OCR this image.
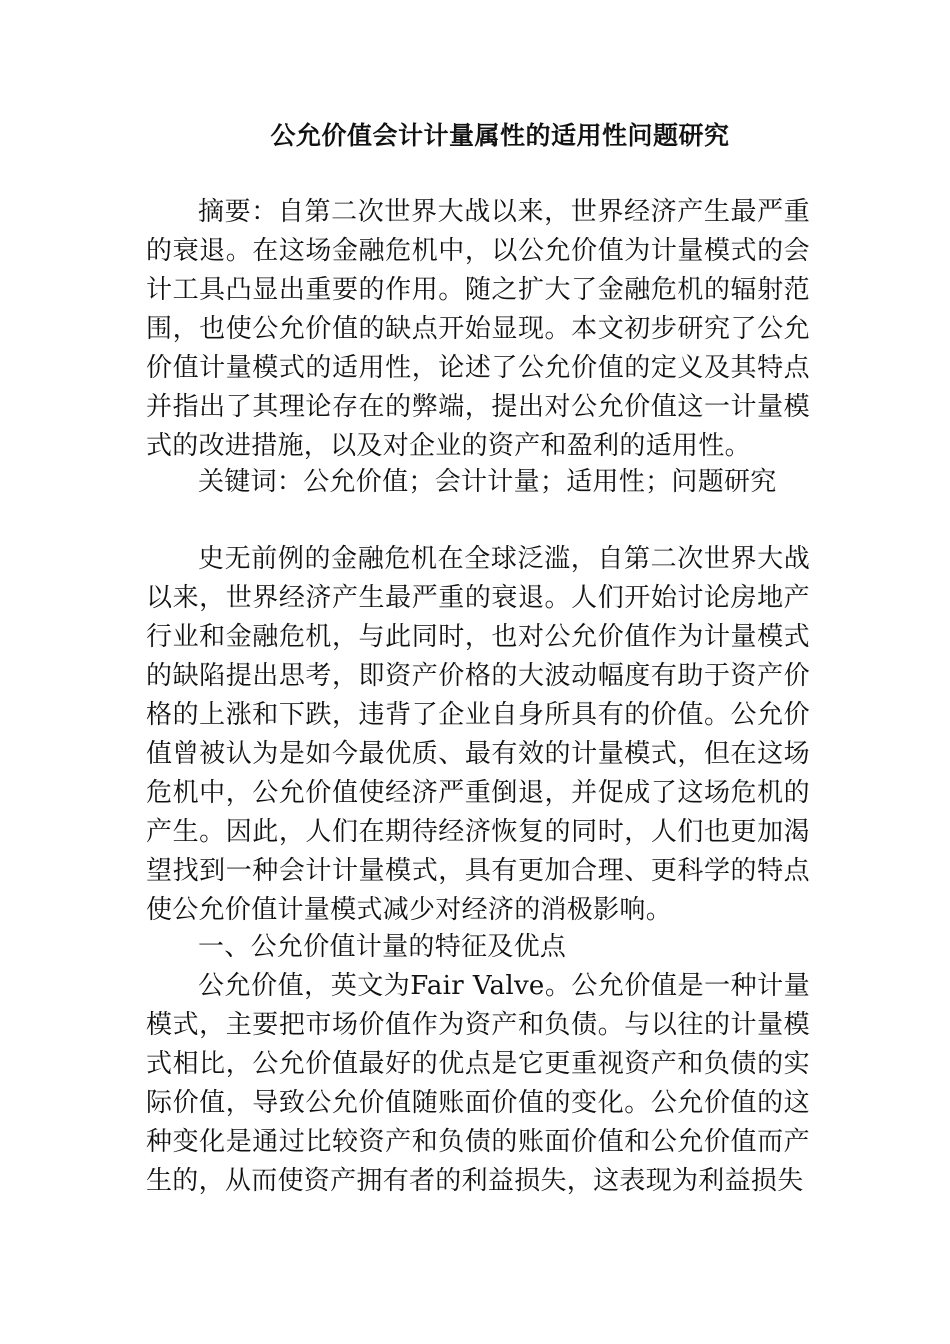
公允价值会计计量属性的适用性问题研究

摘要：自第二次世界大战以来，世界经济产生最严重的衰退。在这场金融危机中，以公允价值为计量模式的会计工具凸显出重要的作用。随之扩大了金融危机的辐射范围，也使公允价值的缺点开始显现。本文初步研究了公允价值计量模式的适用性，论述了公允价值的定义及其特点并指出了其理论存在的弊端，提出对公允价值这一计量模式的改进措施，以及对企业的资产和盈利的适用性。

关键词：公允价值；会计计量；适用性；问题研究

史无前例的金融危机在全球泛滥，自第二次世界大战以来，世界经济产生最严重的衰退。人们开始讨论房地产行业和金融危机，与此同时，也对公允价值作为计量模式的缺陷提出思考，即资产价格的大波动幅度有助于资产价格的上涨和下跌，违背了企业自身所具有的价值。公允价值曾被认为是如今最优质、最有效的计量模式，但在这场危机中，公允价值使经济严重倒退，并促成了这场危机的产生。因此，人们在期待经济恢复的同时，人们也更加渴望找到一种会计计量模式，具有更加合理、更科学的特点使公允价值计量模式减少对经济的消极影响。

一、公允价值计量的特征及优点

公允价值，英文为Fair Valve。公允价值是一种计量模式，主要把市场价值作为资产和负债。与以往的计量模式相比，公允价值最好的优点是它更重视资产和负债的实际价值，导致公允价值随账面价值的变化。公允价值的这种变化是通过比较资产和负债的账面价值和公允价值而产生的，从而使资产拥有者的利益损失，这表现为利益损失
